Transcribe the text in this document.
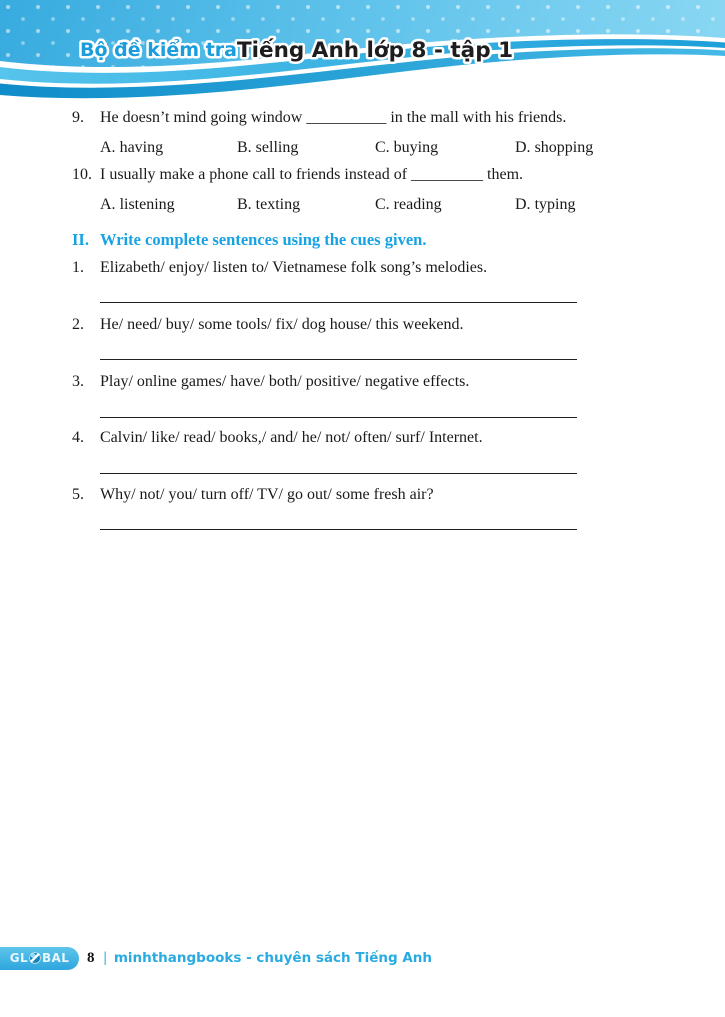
Bộ đề kiểm tra Tiếng Anh lớp 8 - tập 1
9.	He doesn’t mind going window __________ in the mall with his friends.
A. having	B. selling	C. buying	D. shopping
10. I usually make a phone call to friends instead of _________ them.
A. listening	B. texting	C. reading	D. typing
II. Write complete sentences using the cues given.
1.	Elizabeth/ enjoy/ listen to/ Vietnamese folk song’s melodies.
2.	He/ need/ buy/ some tools/ fix/ dog house/ this weekend.
3.	Play/ online games/ have/ both/ positive/ negative effects.
4.	Calvin/ like/ read/ books,/ and/ he/ not/ often/ surf/ Internet.
5.	Why/ not/ you/ turn off/ TV/ go out/ some fresh air?
GL BAL 8 | minhthangbooks - chuyên sách Tiếng Anh
